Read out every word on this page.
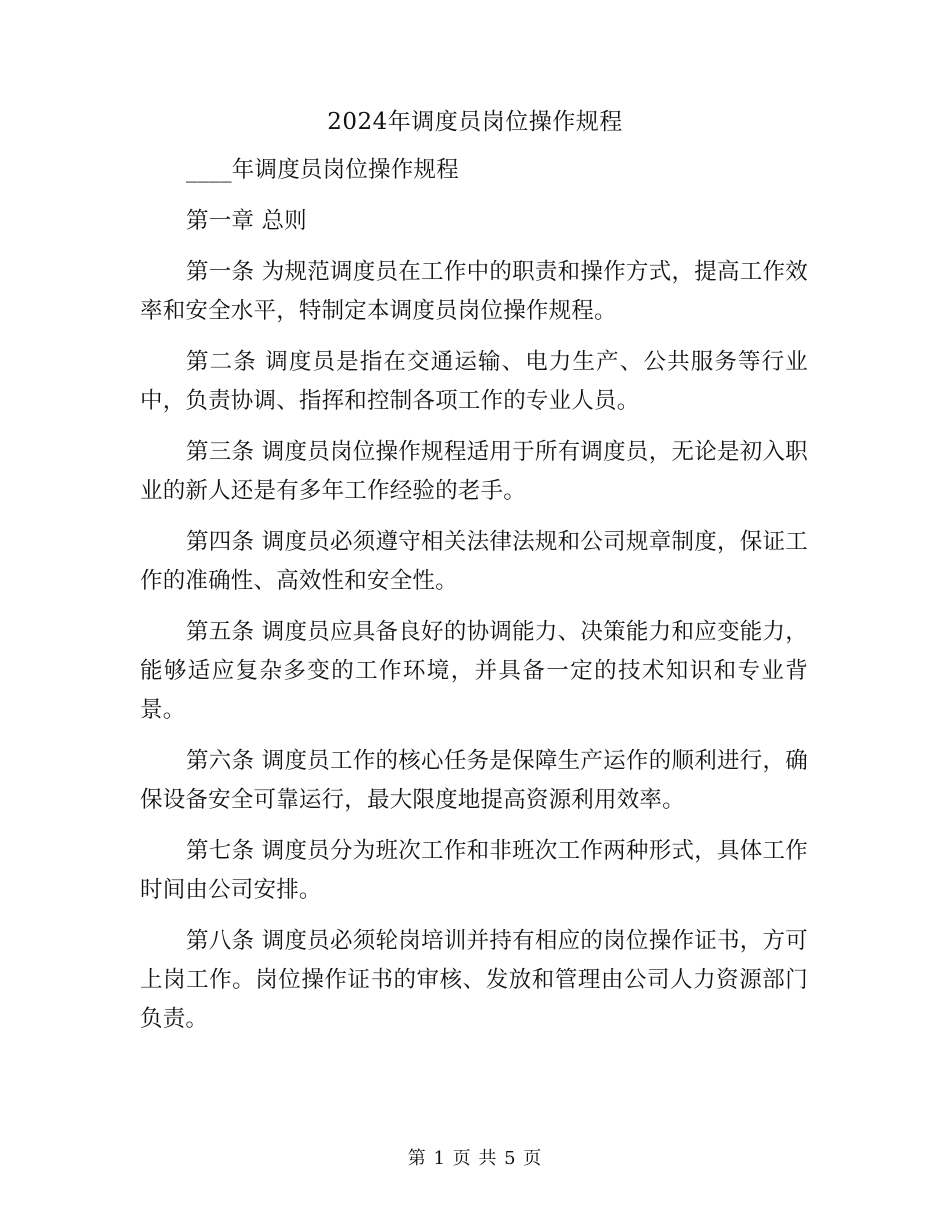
2024年调度员岗位操作规程

____年调度员岗位操作规程

第一章 总则

第一条 为规范调度员在工作中的职责和操作方式，提高工作效率和安全水平，特制定本调度员岗位操作规程。

第二条 调度员是指在交通运输、电力生产、公共服务等行业中，负责协调、指挥和控制各项工作的专业人员。

第三条 调度员岗位操作规程适用于所有调度员，无论是初入职业的新人还是有多年工作经验的老手。

第四条 调度员必须遵守相关法律法规和公司规章制度，保证工作的准确性、高效性和安全性。

第五条 调度员应具备良好的协调能力、决策能力和应变能力，能够适应复杂多变的工作环境，并具备一定的技术知识和专业背景。

第六条 调度员工作的核心任务是保障生产运作的顺利进行，确保设备安全可靠运行，最大限度地提高资源利用效率。

第七条 调度员分为班次工作和非班次工作两种形式，具体工作时间由公司安排。

第八条 调度员必须轮岗培训并持有相应的岗位操作证书，方可上岗工作。岗位操作证书的审核、发放和管理由公司人力资源部门负责。

第 1 页 共 5 页
